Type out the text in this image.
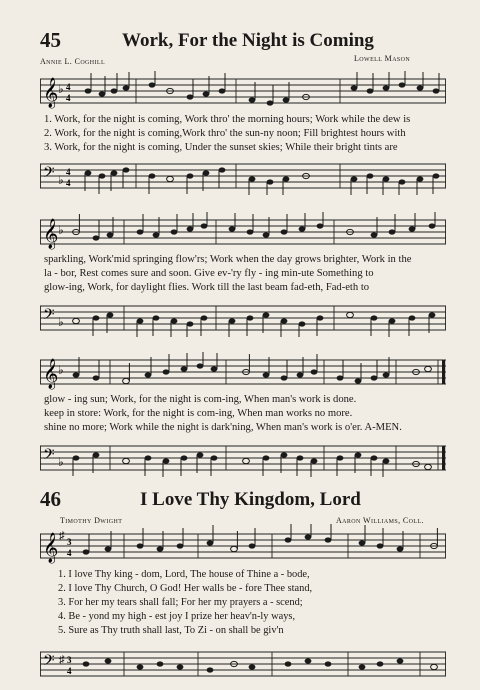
45	Work, For the Night is Coming
Annie L. Coghill	Lowell Mason
𝄞 ♭ 4
4
1. Work, for the night is coming, Work thro' the morning hours; Work while the dew is
2. Work, for the night is coming,Work thro' the sun-ny noon; Fill brightest hours with
3. Work, for the night is coming, Under the sunset skies; While their bright tints are
𝄢 ♭
4
4
𝄞 ♭
sparkling, Work'mid springing flow'rs; Work when the day grows brighter, Work in the
la - bor, Rest comes sure and soon. Give ev-'ry fly - ing min-ute Something to
glow-ing, Work, for daylight flies. Work till the last beam fad-eth, Fad-eth to
𝄢 ♭
𝄞 ♭
glow - ing sun; Work, for the night is com-ing, When man's work is done.
keep in store: Work, for the night is com-ing, When man works no more.
shine no more; Work while the night is dark'ning, When man's work is o'er. A-MEN.
𝄢 ♭
46	I Love Thy Kingdom, Lord
Timothy Dwight	Aaron Williams, Coll.
𝄞 ♯ 3
4
1. I love Thy king - dom, Lord, The house of Thine a - bode,
2. I love Thy Church, O God! Her walls be - fore Thee stand,
3. For her my tears shall fall; For her my prayers a - scend;
4. Be - yond my high - est joy I prize her heav'n-ly ways,
5. Sure as Thy truth shall last, To Zi - on shall be giv'n
𝄢 ♯ 3
4
